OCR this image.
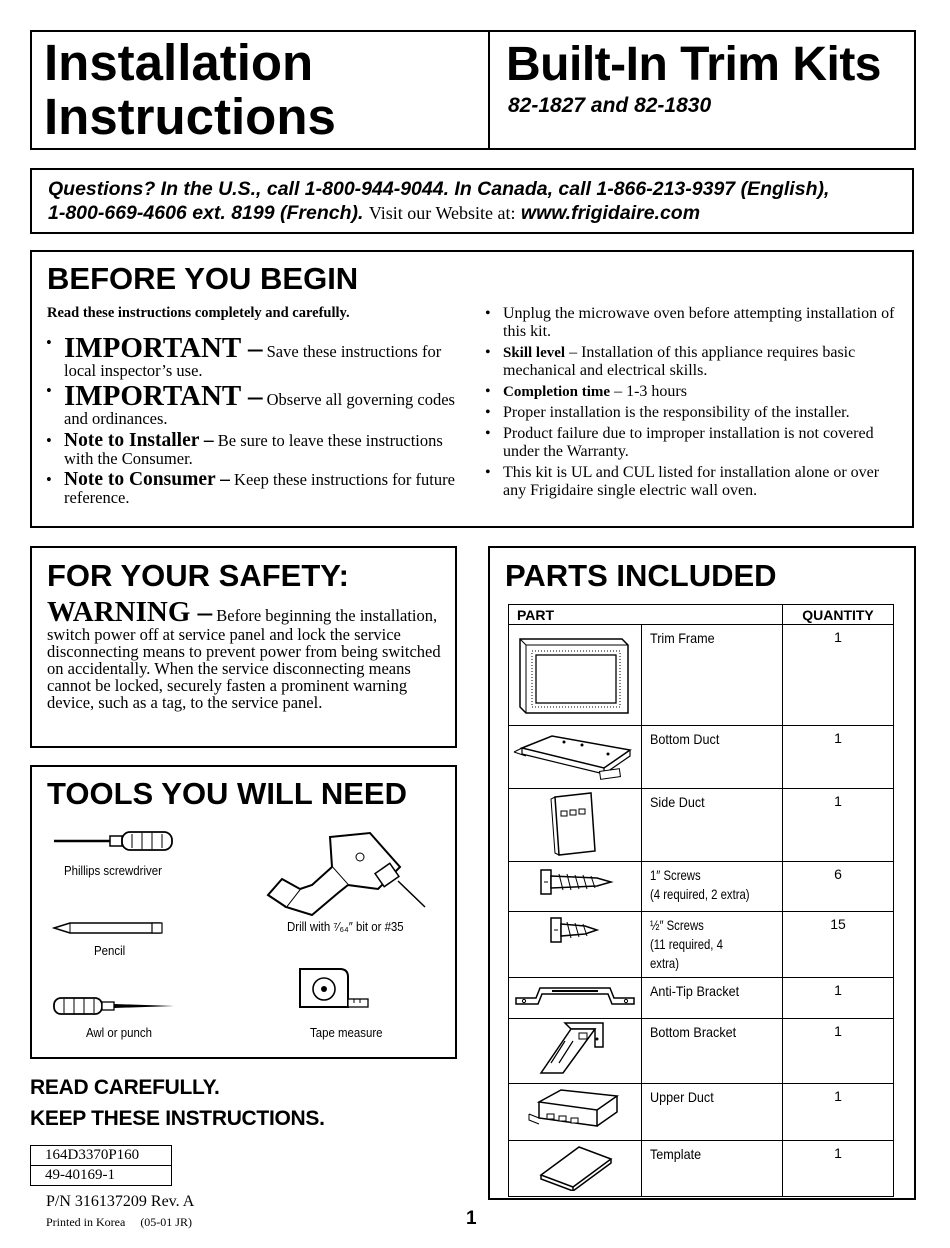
Installation
Instructions
Built-In Trim Kits
82-1827 and 82-1830
Questions? In the U.S., call 1-800-944-9044. In Canada, call 1-866-213-9397 (English),
1-800-669-4606 ext. 8199 (French). Visit our Website at: www.frigidaire.com
BEFORE YOU BEGIN
Read these instructions completely and carefully.
• IMPORTANT – Save these instructions for local inspector’s use.
• IMPORTANT – Observe all governing codes and ordinances.
• Note to Installer – Be sure to leave these instructions with the Consumer.
• Note to Consumer – Keep these instructions for future reference.
• Unplug the microwave oven before attempting installation of this kit.
• Skill level – Installation of this appliance requires basic mechanical and electrical skills.
• Completion time – 1-3 hours
• Proper installation is the responsibility of the installer.
• Product failure due to improper installation is not covered under the Warranty.
• This kit is UL and CUL listed for installation alone or over any Frigidaire single electric wall oven.
FOR YOUR SAFETY:
WARNING – Before beginning the installation, switch power off at service panel and lock the service disconnecting means to prevent power from being switched on accidentally. When the service disconnecting means cannot be locked, securely fasten a prominent warning device, such as a tag, to the service panel.
TOOLS YOU WILL NEED
Phillips screwdriver
Drill with ⁷⁄₆₄″ bit or #35
Pencil
Awl or punch	Tape measure
READ CAREFULLY.
KEEP THESE INSTRUCTIONS.
164D3370P160
49-40169-1
P/N 316137209 Rev. A
Printed in Korea     (05-01 JR)	1
PARTS INCLUDED
PART		QUANTITY

	Trim Frame	1

	Bottom Duct	1

	Side Duct	1

	1″ Screws
(4 required, 2 extra)	6

	½″ Screws
(11 required, 4 extra)	15

	Anti-Tip Bracket	1

	Bottom Bracket	1

	Upper Duct	1

	Template	1
